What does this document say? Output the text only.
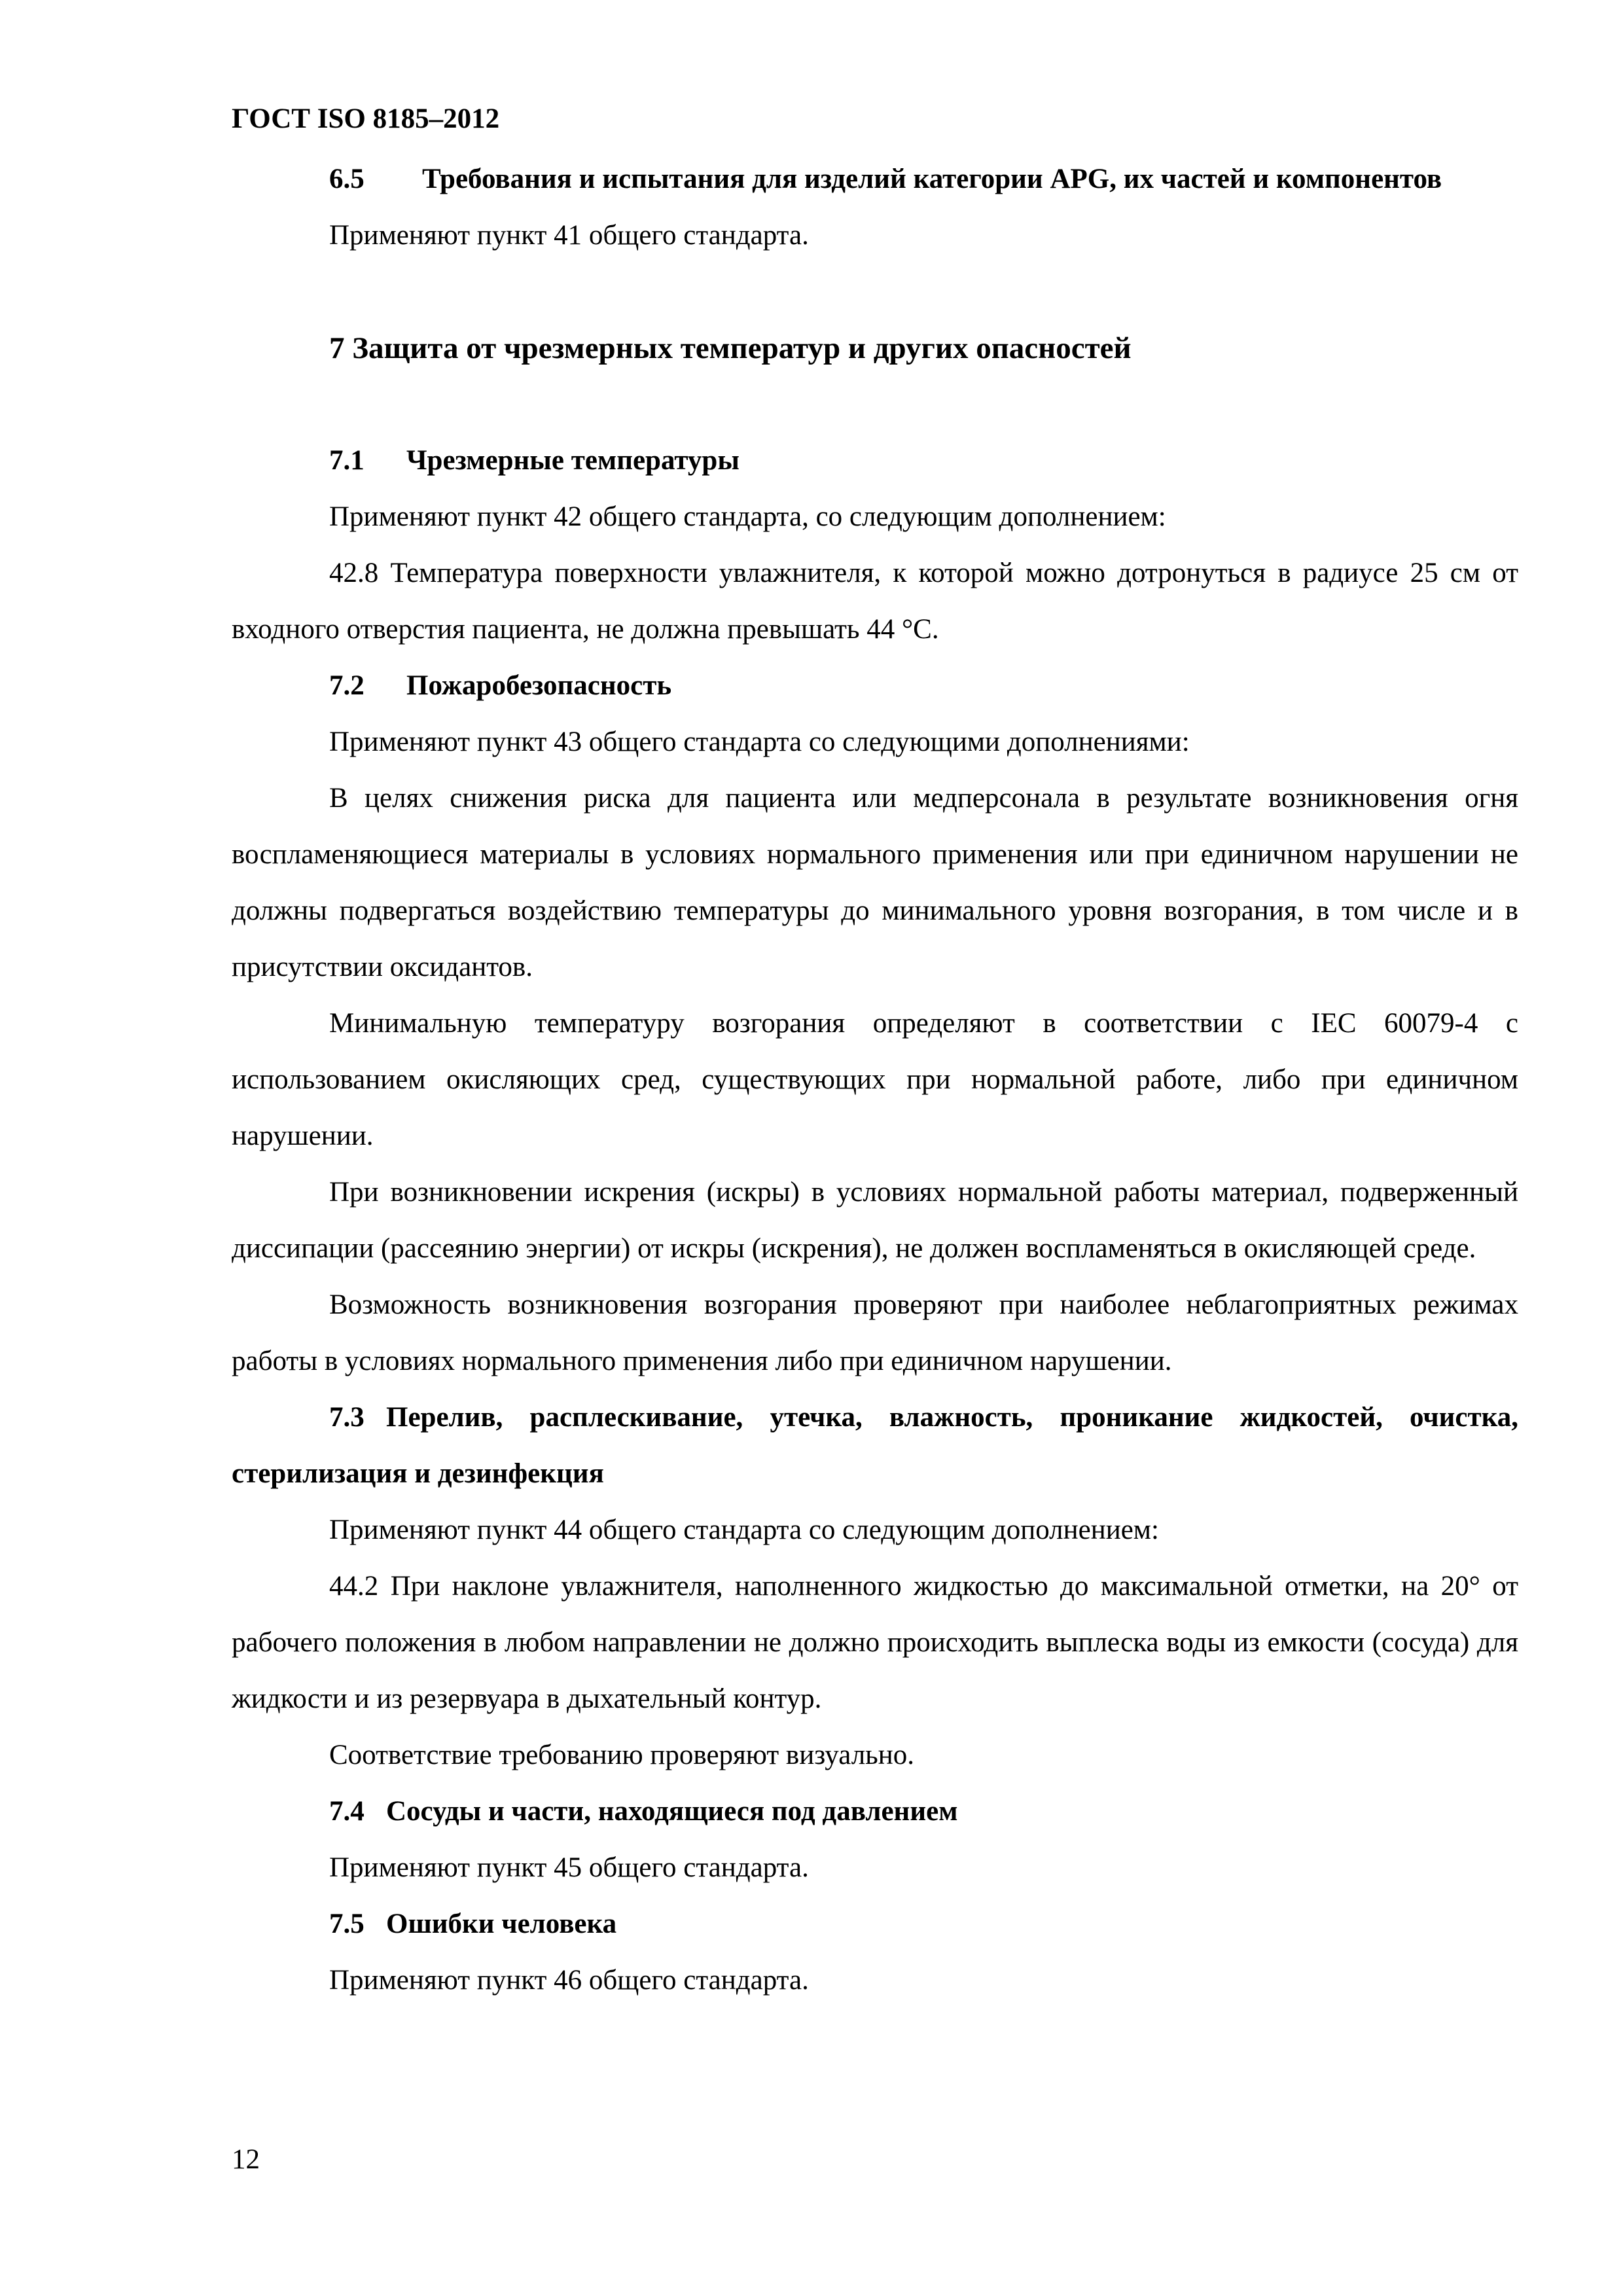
ГОСТ ISO 8185–2012

6.5 Требования и испытания для изделий категории APG, их частей и компонентов

Применяют пункт 41 общего стандарта.

7 Защита от чрезмерных температур и других опасностей

7.1 Чрезмерные температуры

Применяют пункт 42 общего стандарта, со следующим дополнением:

42.8 Температура поверхности увлажнителя, к которой можно дотронуться в радиусе 25 см от входного отверстия пациента, не должна превышать 44 °С.

7.2 Пожаробезопасность

Применяют пункт 43 общего стандарта со следующими дополнениями:

В целях снижения риска для пациента или медперсонала в результате возникновения огня воспламеняющиеся материалы в условиях нормального применения или при единичном нарушении не должны подвергаться воздействию температуры до минимального уровня возгорания, в том числе и в присутствии оксидантов.

Минимальную температуру возгорания определяют в соответствии с IEC 60079-4 с использованием окисляющих сред, существующих при нормальной работе, либо при единичном нарушении.

При возникновении искрения (искры) в условиях нормальной работы материал, подверженный диссипации (рассеянию энергии) от искры (искрения), не должен воспламеняться в окисляющей среде.

Возможность возникновения возгорания проверяют при наиболее неблагоприятных режимах работы в условиях нормального применения либо при единичном нарушении.

7.3 Перелив, расплескивание, утечка, влажность, проникание жидкостей, очистка, стерилизация и дезинфекция

Применяют пункт 44 общего стандарта со следующим дополнением:

44.2 При наклоне увлажнителя, наполненного жидкостью до максимальной отметки, на 20° от рабочего положения в любом направлении не должно происходить выплеска воды из емкости (сосуда) для жидкости и из резервуара в дыхательный контур.

Соответствие требованию проверяют визуально.

7.4 Сосуды и части, находящиеся под давлением

Применяют пункт 45 общего стандарта.

7.5 Ошибки человека

Применяют пункт 46 общего стандарта.

12
